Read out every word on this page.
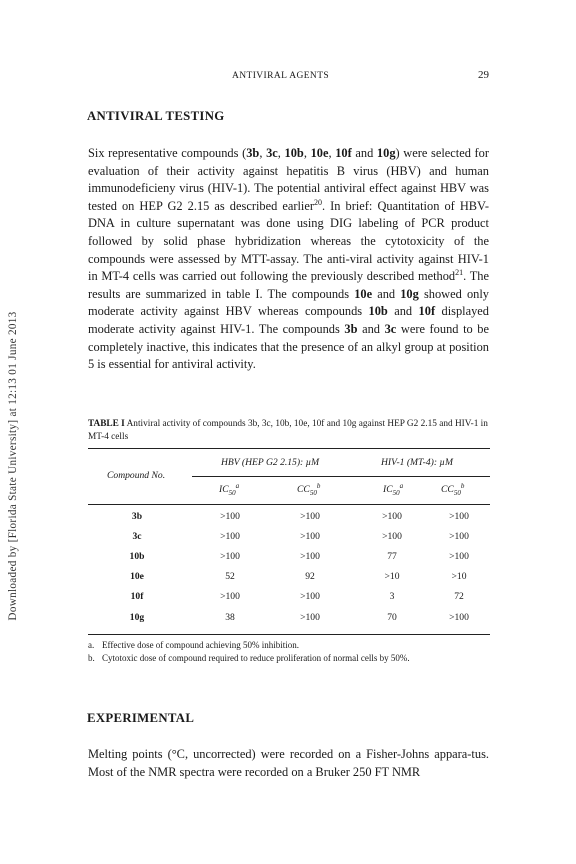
Downloaded by [Florida State University] at 12:13 01 June 2013
ANTIVIRAL AGENTS	29
ANTIVIRAL TESTING
Six representative compounds (3b, 3c, 10b, 10e, 10f and 10g) were selected for evaluation of their activity against hepatitis B virus (HBV) and human immunodeficieny virus (HIV-1). The potential antiviral effect against HBV was tested on HEP G2 2.15 as described earlier$^{20}$. In brief: Quantitation of HBV-DNA in culture supernatant was done using DIG labeling of PCR product followed by solid phase hybridization whereas the cytotoxicity of the compounds were assessed by MTT-assay. The anti-viral activity against HIV-1 in MT-4 cells was carried out following the previously described method$^{21}$. The results are summarized in table I. The compounds 10e and 10g showed only moderate activity against HBV whereas compounds 10b and 10f displayed moderate activity against HIV-1. The compounds 3b and 3c were found to be completely inactive, this indicates that the presence of an alkyl group at position 5 is essential for antiviral activity.
TABLE I Antiviral activity of compounds 3b, 3c, 10b, 10e, 10f and 10g against HEP G2 2.15 and HIV-1 in MT-4 cells
Compound No.
HBV (HEP G2 2.15): µM	HIV-1 (MT-4): µM
$IC_{50}^a$	$CC_{50}^b$	$IC_{50}^a$	$CC_{50}^b$
3b	>100	>100	>100	>100
3c	>100	>100	>100	>100
10b	>100	>100	77	>100
10e	52	92	>10	>10
10f	>100	>100	3	72
10g	38	>100	70	>100
a. Effective dose of compound achieving 50% inhibition.
b. Cytotoxic dose of compound required to reduce proliferation of normal cells by 50%.
EXPERIMENTAL
Melting points (°C, uncorrected) were recorded on a Fisher-Johns appara-tus. Most of the NMR spectra were recorded on a Bruker 250 FT NMR
